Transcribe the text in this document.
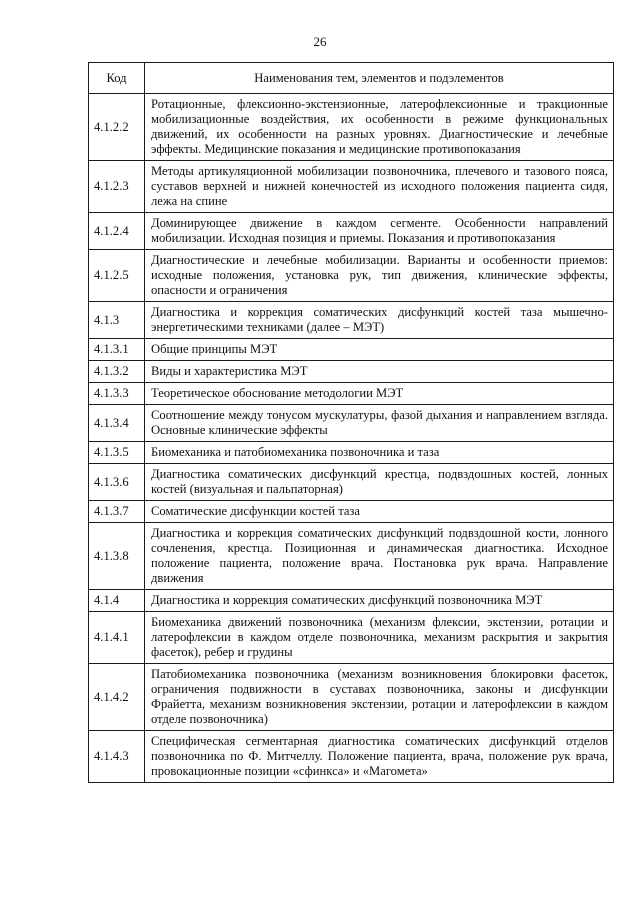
26
Код	Наименования тем, элементов и подэлементов
4.1.2.2	Ротационные, флексионно-экстензионные, латерофлексионные и тракционные мобилизационные воздействия, их особенности в режиме функциональных движений, их особенности на разных уровнях. Диагностические и лечебные эффекты. Медицинские показания и медицинские противопоказания
4.1.2.3	Методы артикуляционной мобилизации позвоночника, плечевого и тазового пояса, суставов верхней и нижней конечностей из исходного положения пациента сидя, лежа на спине
4.1.2.4	Доминирующее движение в каждом сегменте. Особенности направлений мобилизации. Исходная позиция и приемы. Показания и противопоказания
4.1.2.5	Диагностические и лечебные мобилизации. Варианты и особенности приемов: исходные положения, установка рук, тип движения, клинические эффекты, опасности и ограничения
4.1.3	Диагностика и коррекция соматических дисфункций костей таза мышечно-энергетическими техниками (далее – МЭТ)
4.1.3.1	Общие принципы МЭТ
4.1.3.2	Виды и характеристика МЭТ
4.1.3.3	Теоретическое обоснование методологии МЭТ
4.1.3.4	Соотношение между тонусом мускулатуры, фазой дыхания и направлением взгляда. Основные клинические эффекты
4.1.3.5	Биомеханика и патобиомеханика позвоночника и таза
4.1.3.6	Диагностика соматических дисфункций крестца, подвздошных костей, лонных костей (визуальная и пальпаторная)
4.1.3.7	Соматические дисфункции костей таза
4.1.3.8	Диагностика и коррекция соматических дисфункций подвздошной кости, лонного сочленения, крестца. Позиционная и динамическая диагностика. Исходное положение пациента, положение врача. Постановка рук врача. Направление движения
4.1.4	Диагностика и коррекция соматических дисфункций позвоночника МЭТ
4.1.4.1	Биомеханика движений позвоночника (механизм флексии, экстензии, ротации и латерофлексии в каждом отделе позвоночника, механизм раскрытия и закрытия фасеток), ребер и грудины
4.1.4.2	Патобиомеханика позвоночника (механизм возникновения блокировки фасеток, ограничения подвижности в суставах позвоночника, законы и дисфункции Фрайетта, механизм возникновения экстензии, ротации и латерофлексии в каждом отделе позвоночника)
4.1.4.3	Специфическая сегментарная диагностика соматических дисфункций отделов позвоночника по Ф. Митчеллу. Положение пациента, врача, положение рук врача, провокационные позиции «сфинкса» и «Магомета»
